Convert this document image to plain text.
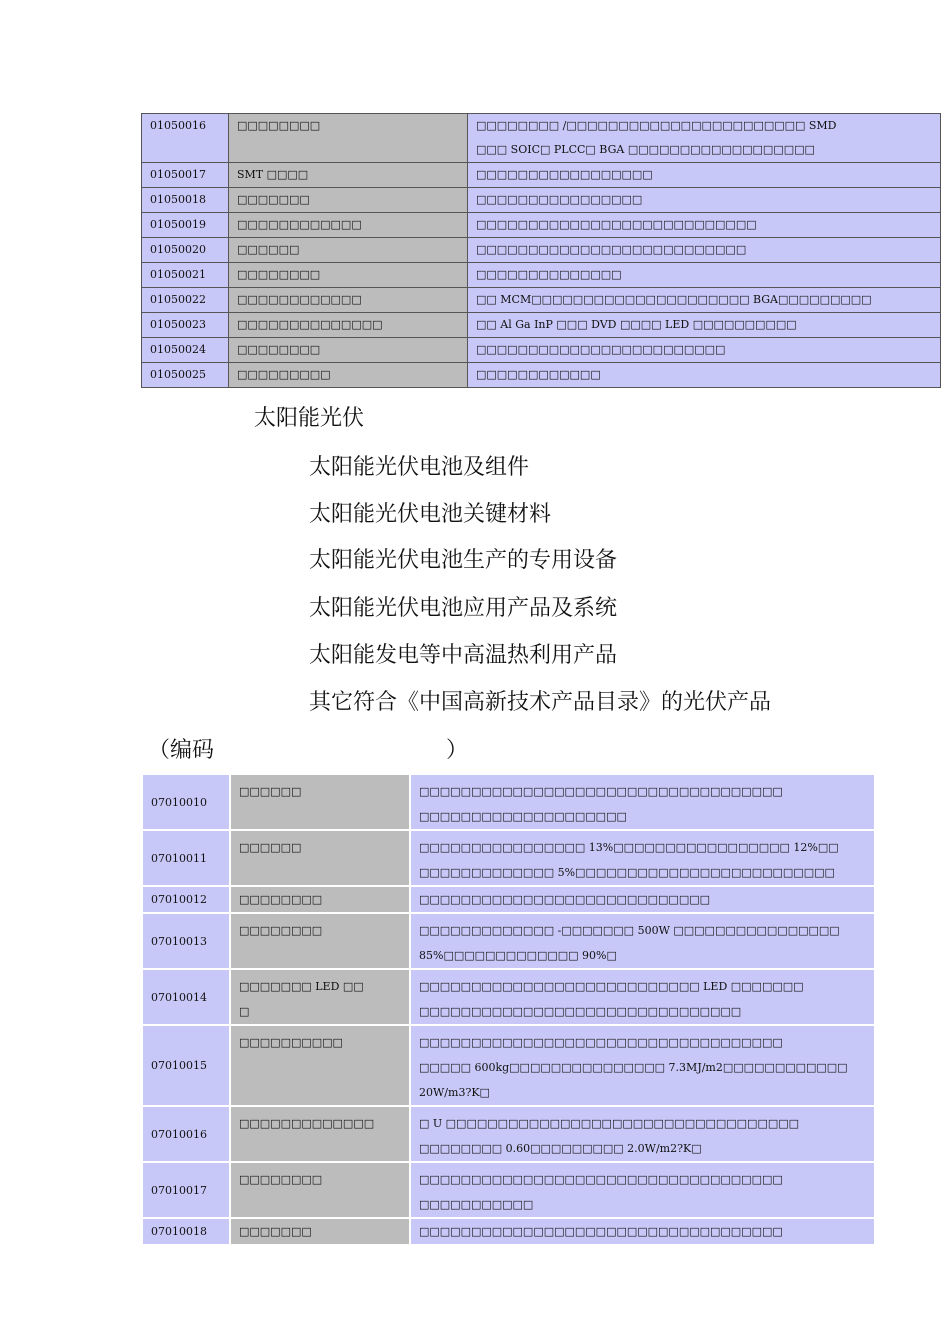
01050016	□□□□□□□□	□□□□□□□□ /□□□□□□□□□□□□□□□□□□□□□□□ SMD
□□□ SOIC□ PLCC□ BGA □□□□□□□□□□□□□□□□□□

01050017	SMT □□□□	□□□□□□□□□□□□□□□□□

01050018	□□□□□□□	□□□□□□□□□□□□□□□□

01050019	□□□□□□□□□□□□	□□□□□□□□□□□□□□□□□□□□□□□□□□□

01050020	□□□□□□	□□□□□□□□□□□□□□□□□□□□□□□□□□

01050021	□□□□□□□□	□□□□□□□□□□□□□□

01050022	□□□□□□□□□□□□	□□ MCM□□□□□□□□□□□□□□□□□□□□□ BGA□□□□□□□□□

01050023	□□□□□□□□□□□□□□	□□ Al Ga InP □□□ DVD □□□□ LED □□□□□□□□□□

01050024	□□□□□□□□	□□□□□□□□□□□□□□□□□□□□□□□□

01050025	□□□□□□□□□	□□□□□□□□□□□□
太阳能光伏
太阳能光伏电池及组件
太阳能光伏电池关键材料
太阳能光伏电池生产的专用设备
太阳能光伏电池应用产品及系统
太阳能发电等中高温热利用产品
其它符合《中国高新技术产品目录》的光伏产品
（编码	）
07010010	□□□□□□	□□□□□□□□□□□□□□□□□□□□□□□□□□□□□□□□□□□
□□□□□□□□□□□□□□□□□□□□

07010011	□□□□□□	□□□□□□□□□□□□□□□□ 13%□□□□□□□□□□□□□□□□□ 12%□□
□□□□□□□□□□□□□ 5%□□□□□□□□□□□□□□□□□□□□□□□□□

07010012	□□□□□□□□	□□□□□□□□□□□□□□□□□□□□□□□□□□□□

07010013	□□□□□□□□	□□□□□□□□□□□□□ -□□□□□□□ 500W □□□□□□□□□□□□□□□□
85%□□□□□□□□□□□□□ 90%□

07010014	□□□□□□□ LED □□
□	□□□□□□□□□□□□□□□□□□□□□□□□□□□ LED □□□□□□□
□□□□□□□□□□□□□□□□□□□□□□□□□□□□□□□

07010015	□□□□□□□□□□	□□□□□□□□□□□□□□□□□□□□□□□□□□□□□□□□□□□
□□□□□ 600kg□□□□□□□□□□□□□□□ 7.3MJ/m2□□□□□□□□□□□□
20W/m3?K□

07010016	□□□□□□□□□□□□□	□ U □□□□□□□□□□□□□□□□□□□□□□□□□□□□□□□□□□
□□□□□□□□ 0.60□□□□□□□□□ 2.0W/m2?K□

07010017	□□□□□□□□	□□□□□□□□□□□□□□□□□□□□□□□□□□□□□□□□□□□
□□□□□□□□□□□

07010018	□□□□□□□	□□□□□□□□□□□□□□□□□□□□□□□□□□□□□□□□□□□
